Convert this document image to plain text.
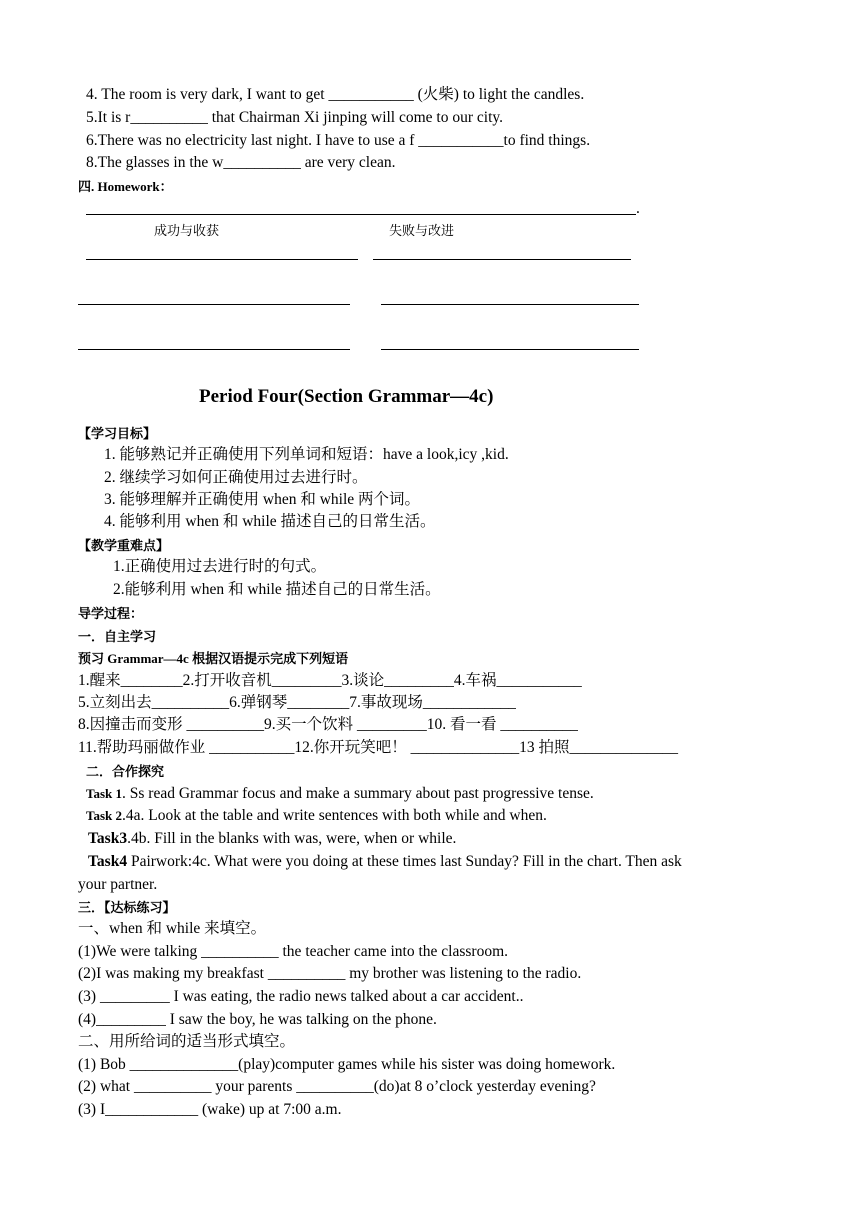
4. The room is very dark, I want to get ___________ (火柴) to light the candles.
5.It is r__________ that Chairman Xi jinping will come to our city.
6.There was no electricity last night. I have to use a f ___________to find things.
8.The glasses in the w__________ are very clean.
四. Homework：
.
成功与收获	失败与改进
Period Four(Section Grammar—4c)
【学习目标】
1. 能够熟记并正确使用下列单词和短语：have a look,icy ,kid.
2. 继续学习如何正确使用过去进行时。
3. 能够理解并正确使用 when 和 while 两个词。
4. 能够利用 when 和 while 描述自己的日常生活。
【教学重难点】
1.正确使用过去进行时的句式。
2.能够利用 when 和 while 描述自己的日常生活。
导学过程：
一．自主学习
预习 Grammar—4c 根据汉语提示完成下列短语
1.醒来________2.打开收音机_________3.谈论_________4.车祸___________
5.立刻出去__________6.弹钢琴________7.事故现场____________
8.因撞击而变形 __________9.买一个饮料 _________10. 看一看 __________
11.帮助玛丽做作业 ___________12.你开玩笑吧！ ______________13 拍照______________
二．合作探究
Task 1. Ss read Grammar focus and make a summary about past progressive tense.
Task 2.4a. Look at the table and write sentences with both while and when.
Task3.4b. Fill in the blanks with was, were, when or while.
Task4 Pairwork:4c. What were you doing at these times last Sunday? Fill in the chart. Then ask
your partner.
三．【达标练习】
一、when 和 while 来填空。
(1)We were talking __________ the teacher came into the classroom.
(2)I was making my breakfast __________ my brother was listening to the radio.
(3) _________ I was eating, the radio news talked about a car accident..
(4)_________ I saw the boy, he was talking on the phone.
二、用所给词的适当形式填空。
(1) Bob ______________(play)computer games while his sister was doing homework.
(2) what __________ your parents __________(do)at 8 o’clock yesterday evening?
(3) I____________ (wake) up at 7:00 a.m.
